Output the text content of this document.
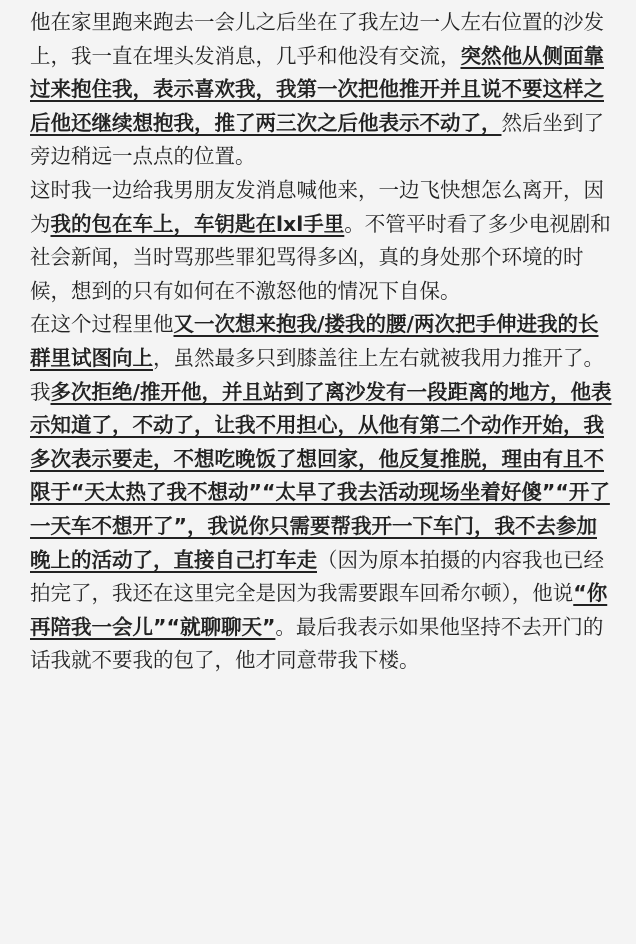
他在家里跑来跑去一会儿之后坐在了我左边一人左右位置的沙发上，我一直在埋头发消息，几乎和他没有交流，突然他从侧面靠过来抱住我，表示喜欢我，我第一次把他推开并且说不要这样之后他还继续想抱我，推了两三次之后他表示不动了，然后坐到了旁边稍远一点点的位置。

这时我一边给我男朋友发消息喊他来，一边飞快想怎么离开，因为我的包在车上，车钥匙在lxl手里。不管平时看了多少电视剧和社会新闻，当时骂那些罪犯骂得多凶，真的身处那个环境的时候，想到的只有如何在不激怒他的情况下自保。

在这个过程里他又一次想来抱我/搂我的腰/两次把手伸进我的长群里试图向上，虽然最多只到膝盖往上左右就被我用力推开了。

我多次拒绝/推开他，并且站到了离沙发有一段距离的地方，他表示知道了，不动了，让我不用担心，从他有第二个动作开始，我多次表示要走，不想吃晚饭了想回家，他反复推脱，理由有且不限于“天太热了我不想动”“太早了我去活动现场坐着好傻”“开了一天车不想开了”，我说你只需要帮我开一下车门，我不去参加晚上的活动了，直接自己打车走（因为原本拍摄的内容我也已经拍完了，我还在这里完全是因为我需要跟车回希尔顿），他说“你再陪我一会儿”“就聊聊天”。最后我表示如果他坚持不去开门的话我就不要我的包了，他才同意带我下楼。
